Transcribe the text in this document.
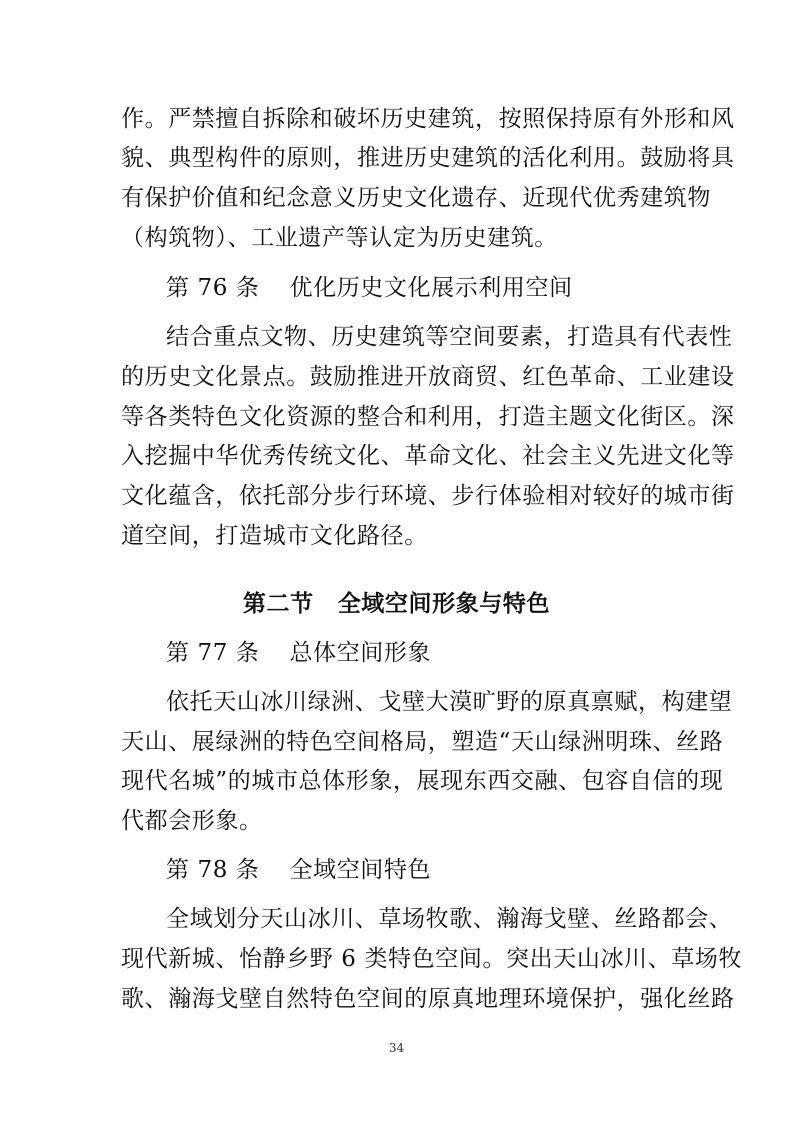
作。严禁擅自拆除和破坏历史建筑，按照保持原有外形和风
貌、典型构件的原则，推进历史建筑的活化利用。鼓励将具
有保护价值和纪念意义历史文化遗存、近现代优秀建筑物
（构筑物）、工业遗产等认定为历史建筑。
第 76 条 优化历史文化展示利用空间
结合重点文物、历史建筑等空间要素，打造具有代表性
的历史文化景点。鼓励推进开放商贸、红色革命、工业建设
等各类特色文化资源的整合和利用，打造主题文化街区。深
入挖掘中华优秀传统文化、革命文化、社会主义先进文化等
文化蕴含，依托部分步行环境、步行体验相对较好的城市街
道空间，打造城市文化路径。
第二节 全域空间形象与特色
第 77 条 总体空间形象
依托天山冰川绿洲、戈壁大漠旷野的原真禀赋，构建望
天山、展绿洲的特色空间格局，塑造“天山绿洲明珠、丝路
现代名城”的城市总体形象，展现东西交融、包容自信的现
代都会形象。
第 78 条 全域空间特色
全域划分天山冰川、草场牧歌、瀚海戈壁、丝路都会、
现代新城、怡静乡野 6 类特色空间。突出天山冰川、草场牧
歌、瀚海戈壁自然特色空间的原真地理环境保护，强化丝路
34
